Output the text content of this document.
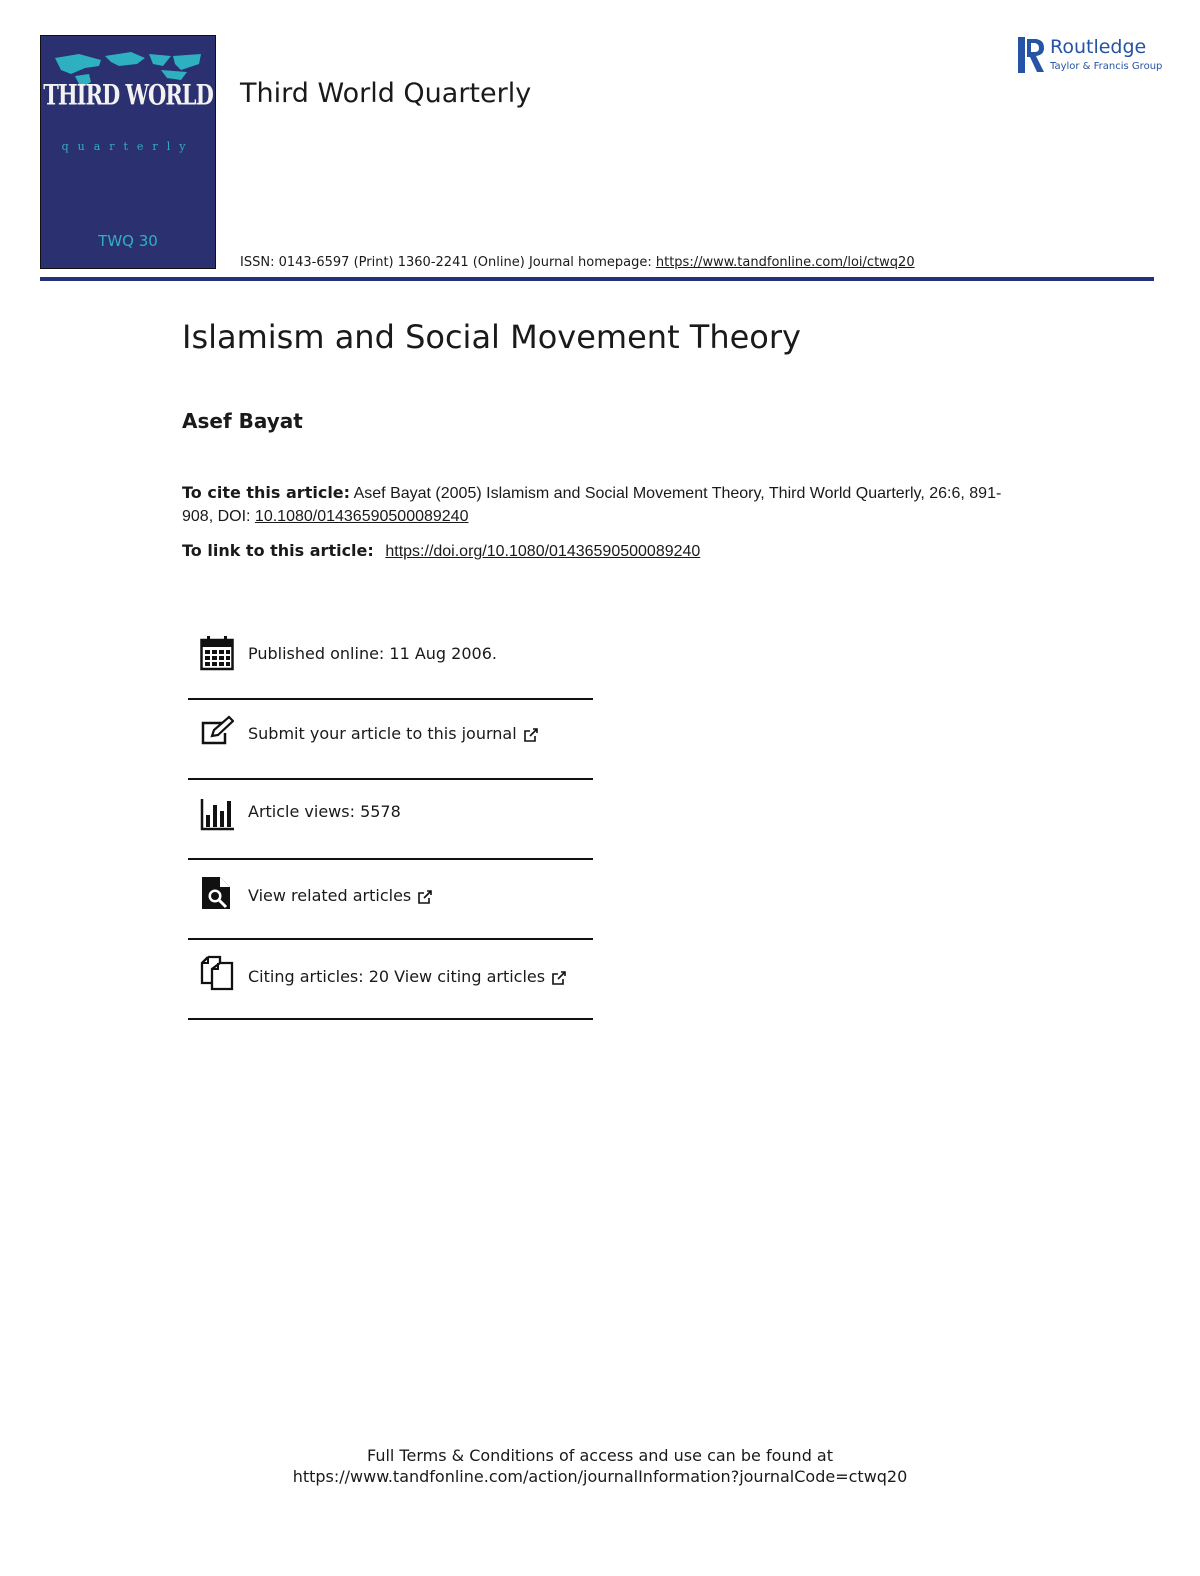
THIRD WORLD
quarterly
TWQ 30
Third World Quarterly
Routledge
Taylor & Francis Group
ISSN: 0143-6597 (Print) 1360-2241 (Online) Journal homepage: https://www.tandfonline.com/loi/ctwq20
Islamism and Social Movement Theory
Asef Bayat
To cite this article: Asef Bayat (2005) Islamism and Social Movement Theory, Third World Quarterly, 26:6, 891-908, DOI: 10.1080/01436590500089240
To link to this article: https://doi.org/10.1080/01436590500089240
Published online: 11 Aug 2006.
Submit your article to this journal
Article views: 5578
View related articles
Citing articles: 20 View citing articles
Full Terms & Conditions of access and use can be found at
https://www.tandfonline.com/action/journalInformation?journalCode=ctwq20
